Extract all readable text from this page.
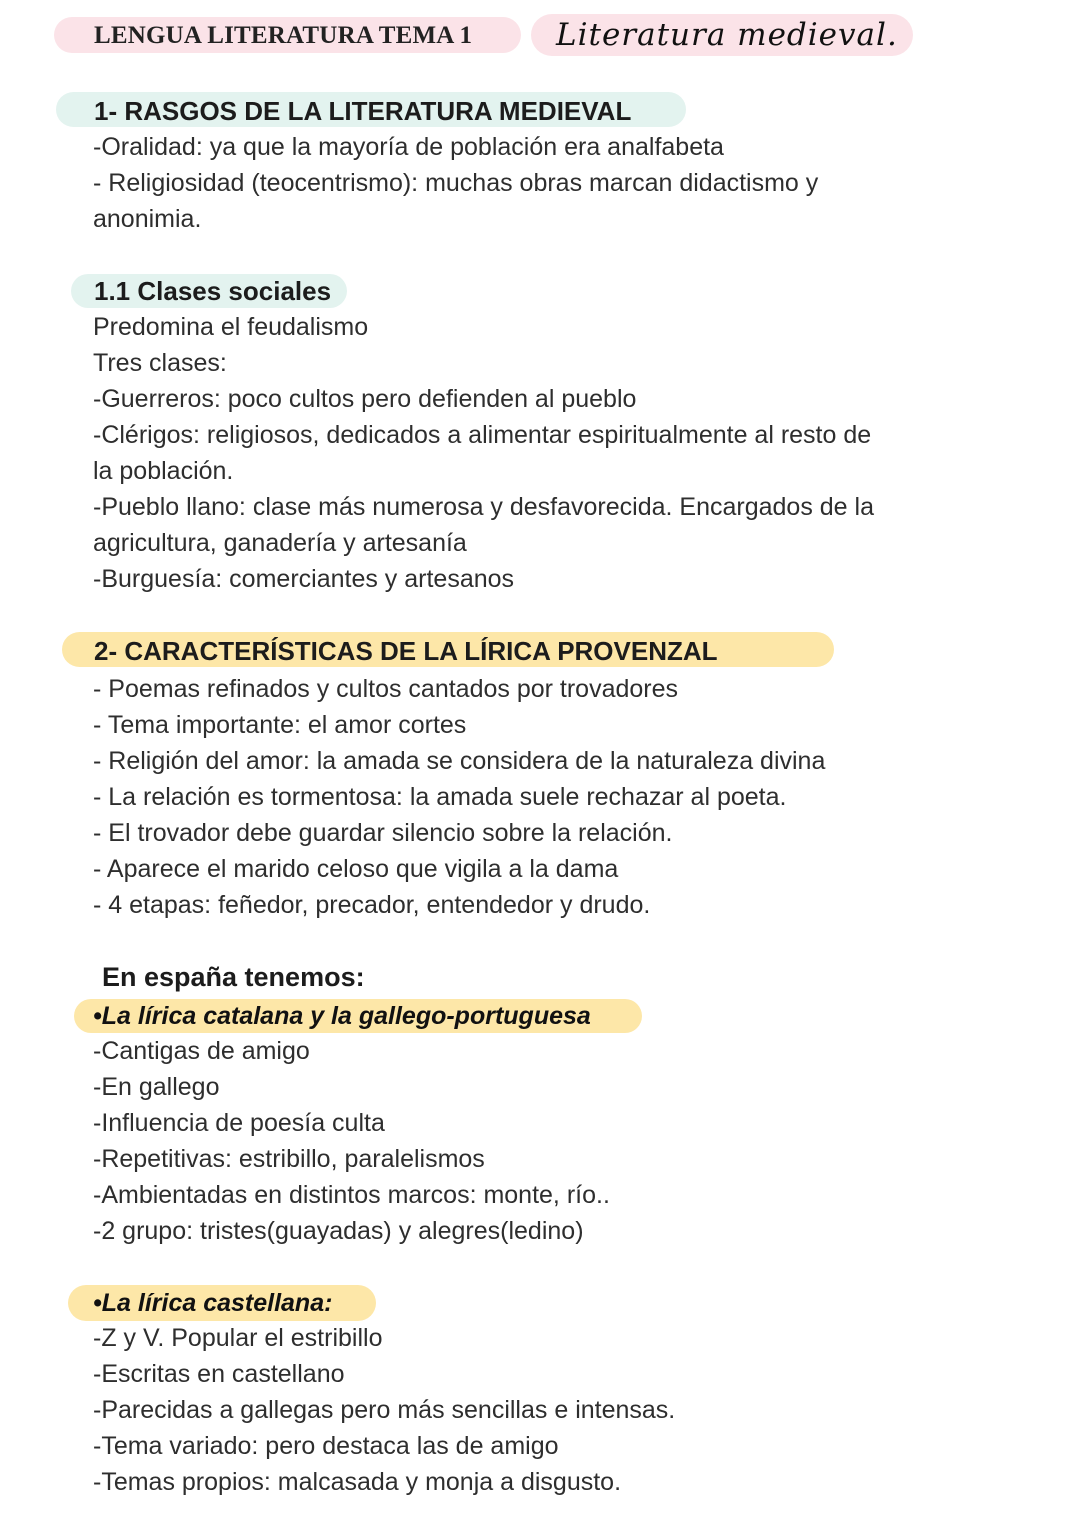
LENGUA LITERATURA TEMA 1	Literatura medieval.
1- RASGOS DE LA LITERATURA MEDIEVAL
-Oralidad: ya que la mayoría de población era analfabeta
- Religiosidad (teocentrismo): muchas obras marcan didactismo y
anonimia.
1.1 Clases sociales
Predomina el feudalismo
Tres clases:
-Guerreros: poco cultos pero defienden al pueblo
-Clérigos: religiosos, dedicados a alimentar espiritualmente al resto de
la población.
-Pueblo llano: clase más numerosa y desfavorecida. Encargados de la
agricultura, ganadería y artesanía
-Burguesía: comerciantes y artesanos
2- CARACTERÍSTICAS DE LA LÍRICA PROVENZAL
- Poemas refinados y cultos cantados por trovadores
- Tema importante: el amor cortes
- Religión del amor: la amada se considera de la naturaleza divina
- La relación es tormentosa: la amada suele rechazar al poeta.
- El trovador debe guardar silencio sobre la relación.
- Aparece el marido celoso que vigila a la dama
- 4 etapas: feñedor, precador, entendedor y drudo.
En españa tenemos:
•La lírica catalana y la gallego-portuguesa
-Cantigas de amigo
-En gallego
-Influencia de poesía culta
-Repetitivas: estribillo, paralelismos
-Ambientadas en distintos marcos: monte, río..
-2 grupo: tristes(guayadas) y alegres(ledino)
•La lírica castellana:
-Z y V. Popular el estribillo
-Escritas en castellano
-Parecidas a gallegas pero más sencillas e intensas.
-Tema variado: pero destaca las de amigo
-Temas propios: malcasada y monja a disgusto.
